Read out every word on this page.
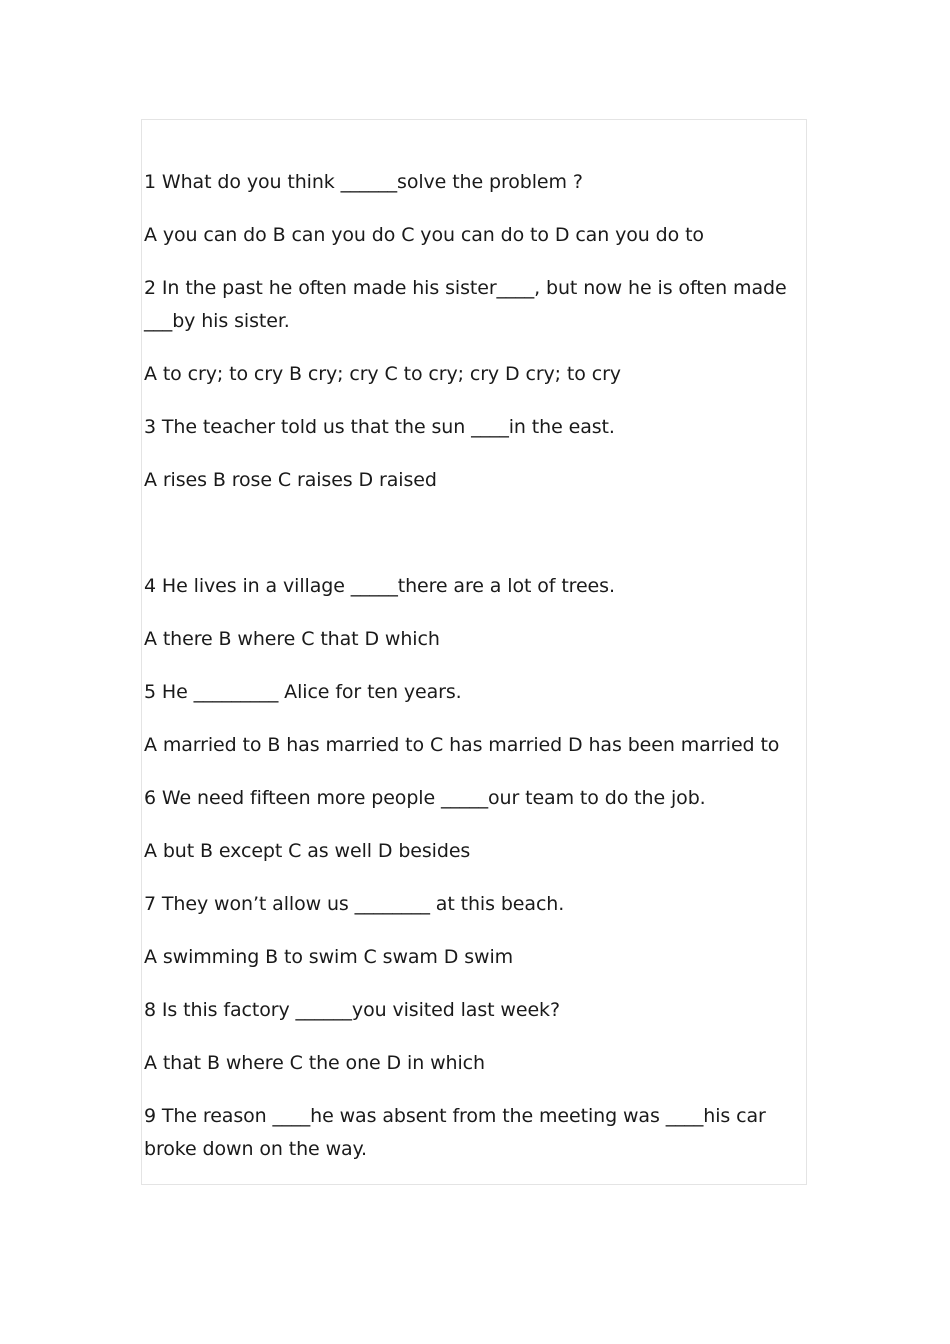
1 What do you think ______solve the problem ?

A you can do B can you do C you can do to D can you do to

2 In the past he often made his sister____, but now he is often made ___by his sister.

A to cry; to cry B cry; cry C to cry; cry D cry; to cry

3 The teacher told us that the sun ____in the east.

A rises B rose C raises D raised

4 He lives in a village _____there are a lot of trees.

A there B where C that D which

5 He _________ Alice for ten years.

A married to B has married to C has married D has been married to

6 We need fifteen more people _____our team to do the job.

A but B except C as well D besides

7 They won’t allow us ________ at this beach.

A swimming B to swim C swam D swim

8 Is this factory ______you visited last week?

A that B where C the one D in which

9 The reason ____he was absent from the meeting was ____his car broke down on the way.
